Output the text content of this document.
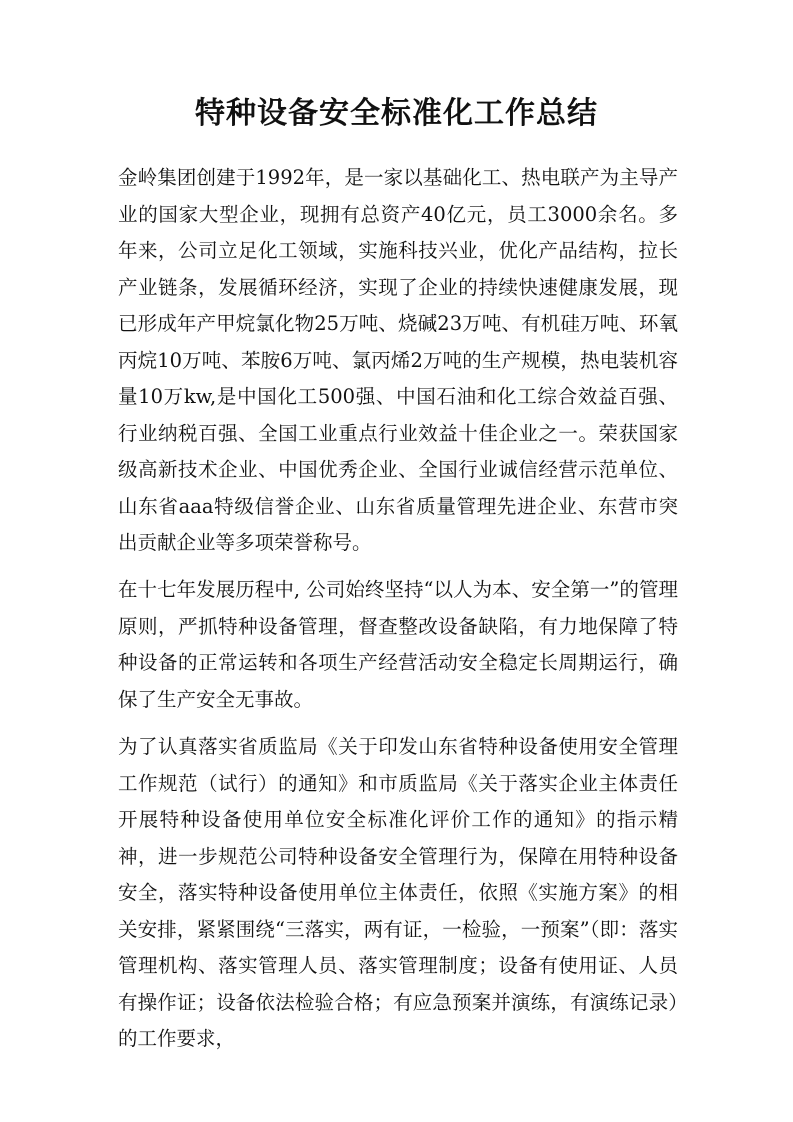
特种设备安全标准化工作总结

金岭集团创建于1992年，是一家以基础化工、热电联产为主导产业的国家大型企业，现拥有总资产40亿元，员工3000余名。多年来，公司立足化工领域，实施科技兴业，优化产品结构，拉长产业链条，发展循环经济，实现了企业的持续快速健康发展，现已形成年产甲烷氯化物25万吨、烧碱23万吨、有机硅万吨、环氧丙烷10万吨、苯胺6万吨、氯丙烯2万吨的生产规模，热电装机容量10万kw,是中国化工500强、中国石油和化工综合效益百强、行业纳税百强、全国工业重点行业效益十佳企业之一。荣获国家级高新技术企业、中国优秀企业、全国行业诚信经营示范单位、山东省aaa特级信誉企业、山东省质量管理先进企业、东营市突出贡献企业等多项荣誉称号。

在十七年发展历程中, 公司始终坚持“以人为本、安全第一”的管理原则，严抓特种设备管理，督查整改设备缺陷，有力地保障了特种设备的正常运转和各项生产经营活动安全稳定长周期运行，确保了生产安全无事故。

为了认真落实省质监局《关于印发山东省特种设备使用安全管理工作规范（试行）的通知》和市质监局《关于落实企业主体责任开展特种设备使用单位安全标准化评价工作的通知》的指示精神，进一步规范公司特种设备安全管理行为，保障在用特种设备安全，落实特种设备使用单位主体责任，依照《实施方案》的相关安排，紧紧围绕“三落实，两有证，一检验，一预案”（即：落实管理机构、落实管理人员、落实管理制度；设备有使用证、人员有操作证；设备依法检验合格；有应急预案并演练，有演练记录）的工作要求，
